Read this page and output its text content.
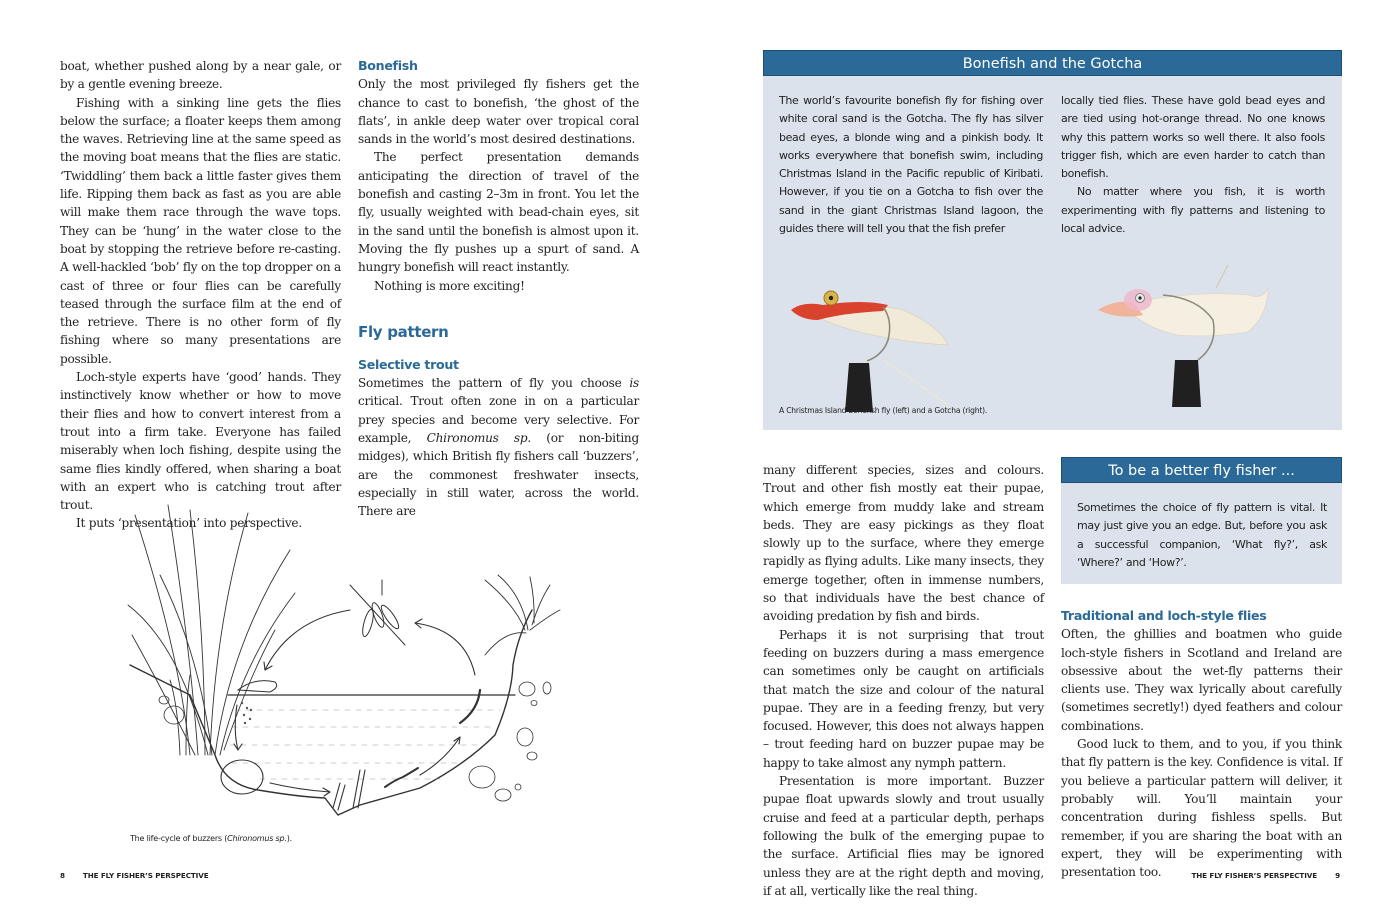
boat, whether pushed along by a near gale, or by a gentle evening breeze.

Fishing with a sinking line gets the flies below the surface; a floater keeps them among the waves. Retrieving line at the same speed as the moving boat means that the flies are static. ‘Twiddling’ them back a little faster gives them life. Ripping them back as fast as you are able will make them race through the wave tops. They can be ‘hung’ in the water close to the boat by stopping the retrieve before re-casting. A well-hackled ‘bob’ fly on the top dropper on a cast of three or four flies can be carefully teased through the surface film at the end of the retrieve. There is no other form of fly fishing where so many presentations are possible.

Loch-style experts have ‘good’ hands. They instinctively know whether or how to move their flies and how to convert interest from a trout into a firm take. Everyone has failed miserably when loch fishing, despite using the same flies kindly offered, when sharing a boat with an expert who is catching trout after trout.

It puts ‘presentation’ into perspective.

Bonefish

Only the most privileged fly fishers get the chance to cast to bonefish, ‘the ghost of the flats’, in ankle deep water over tropical coral sands in the world’s most desired destinations.

The perfect presentation demands anticipating the direction of travel of the bonefish and casting 2–3m in front. You let the fly, usually weighted with bead-chain eyes, sit in the sand until the bonefish is almost upon it. Moving the fly pushes up a spurt of sand. A hungry bonefish will react instantly.

Nothing is more exciting!

Fly pattern
Selective trout

Sometimes the pattern of fly you choose is critical. Trout often zone in on a particular prey species and become very selective. For example, Chironomus sp. (or non-biting midges), which British fly fishers call ‘buzzers’, are the commonest freshwater insects, especially in still water, across the world. There are

The life-cycle of buzzers (Chironomus sp.).
8	THE FLY FISHER’S PERSPECTIVE
Bonefish and the Gotcha

The world’s favourite bonefish fly for fishing over white coral sand is the Gotcha. The fly has silver bead eyes, a blonde wing and a pinkish body. It works everywhere that bonefish swim, including Christmas Island in the Pacific republic of Kiribati. However, if you tie on a Gotcha to fish over the sand in the giant Christmas Island lagoon, the guides there will tell you that the fish prefer

locally tied flies. These have gold bead eyes and are tied using hot-orange thread. No one knows why this pattern works so well there. It also fools trigger fish, which are even harder to catch than bonefish.

No matter where you fish, it is worth experimenting with fly patterns and listening to local advice.

A Christmas Island bonefish fly (left) and a Gotcha (right).

many different species, sizes and colours. Trout and other fish mostly eat their pupae, which emerge from muddy lake and stream beds. They are easy pickings as they float slowly up to the surface, where they emerge rapidly as flying adults. Like many insects, they emerge together, often in immense numbers, so that individuals have the best chance of avoiding predation by fish and birds.

Perhaps it is not surprising that trout feeding on buzzers during a mass emergence can sometimes only be caught on artificials that match the size and colour of the natural pupae. They are in a feeding frenzy, but very focused. However, this does not always happen – trout feeding hard on buzzer pupae may be happy to take almost any nymph pattern.

Presentation is more important. Buzzer pupae float upwards slowly and trout usually cruise and feed at a particular depth, perhaps following the bulk of the emerging pupae to the surface. Artificial flies may be ignored unless they are at the right depth and moving, if at all, vertically like the real thing.

To be a better fly fisher ...

Sometimes the choice of fly pattern is vital. It may just give you an edge. But, before you ask a successful companion, ‘What fly?’, ask ‘Where?’ and ‘How?’.

Traditional and loch-style flies

Often, the ghillies and boatmen who guide loch-style fishers in Scotland and Ireland are obsessive about the wet-fly patterns their clients use. They wax lyrically about carefully (sometimes secretly!) dyed feathers and colour combinations.

Good luck to them, and to you, if you think that fly pattern is the key. Confidence is vital. If you believe a particular pattern will deliver, it probably will. You’ll maintain your concentration during fishless spells. But remember, if you are sharing the boat with an expert, they will be experimenting with presentation too.	THE FLY FISHER’S PERSPECTIVE	9
